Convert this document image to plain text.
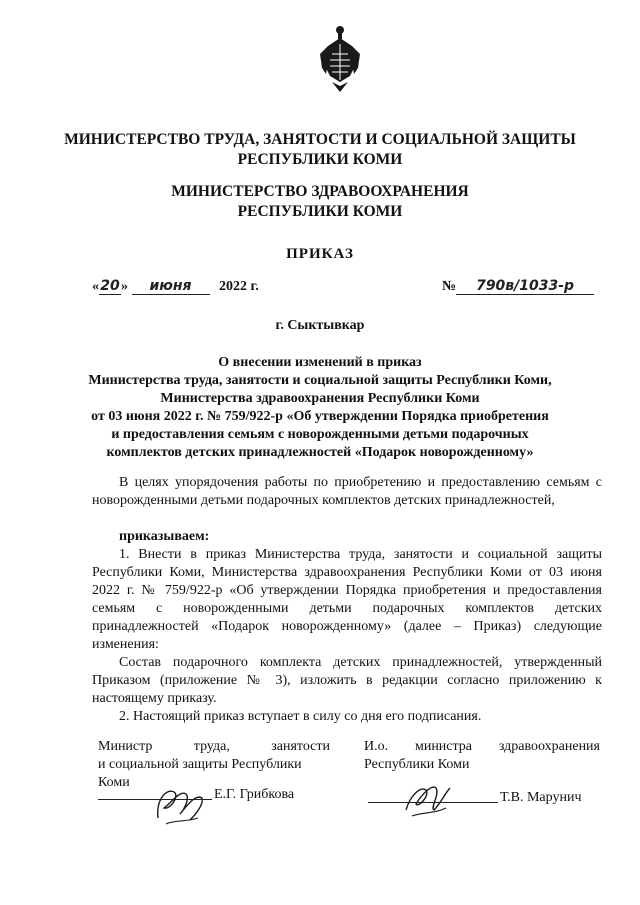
МИНИСТЕРСТВО ТРУДА, ЗАНЯТОСТИ И СОЦИАЛЬНОЙ ЗАЩИТЫ
РЕСПУБЛИКИ КОМИ
МИНИСТЕРСТВО ЗДРАВООХРАНЕНИЯ
РЕСПУБЛИКИ КОМИ
ПРИКАЗ
«20» июня 2022 г.	№ 790в/1033-р
г. Сыктывкар
О внесении изменений в приказ
Министерства труда, занятости и социальной защиты Республики Коми,
Министерства здравоохранения Республики Коми
от 03 июня 2022 г. № 759/922-р «Об утверждении Порядка приобретения
и предоставления семьям с новорожденными детьми подарочных
комплектов детских принадлежностей «Подарок новорожденному»
В целях упорядочения работы по приобретению и предоставлению семьям с новорожденными детьми подарочных комплектов детских принадлежностей,
приказываем:
1. Внести в приказ Министерства труда, занятости и социальной защиты Республики Коми, Министерства здравоохранения Республики Коми от 03 июня 2022 г. № 759/922-р «Об утверждении Порядка приобретения и предоставления семьям с новорожденными детьми подарочных комплектов детских принадлежностей «Подарок новорожденному» (далее – Приказ) следующие изменения:
Состав подарочного комплекта детских принадлежностей, утвержденный Приказом (приложение № 3), изложить в редакции согласно приложению к настоящему приказу.
2. Настоящий приказ вступает в силу со дня его подписания.
Министр труда, занятости
и социальной защиты Республики
Коми
Е.Г. Грибкова
И.о. министра здравоохранения
Республики Коми
Т.В. Марунич
